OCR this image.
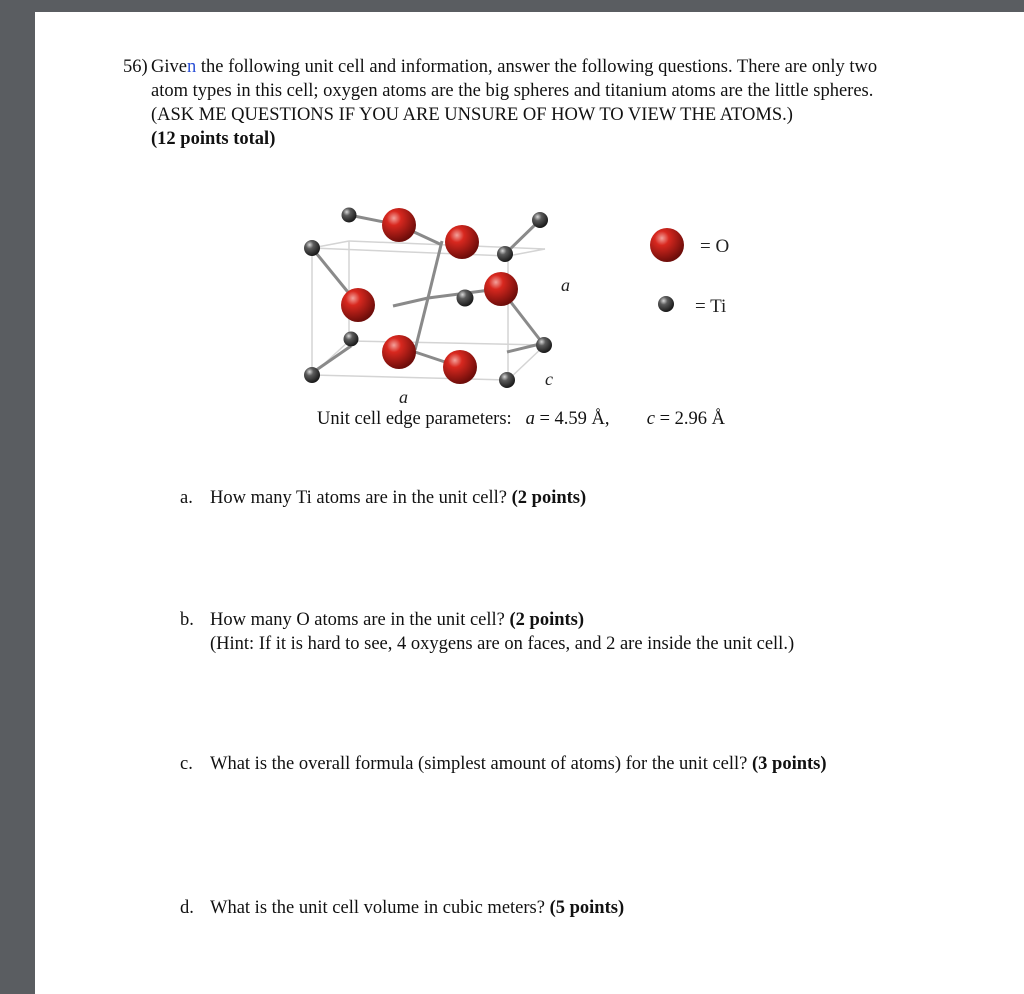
56) Given the following unit cell and information, answer the following questions. There are only two atom types in this cell; oxygen atoms are the big spheres and titanium atoms are the little spheres. (ASK ME QUESTIONS IF YOU ARE UNSURE OF HOW TO VIEW THE ATOMS.)
(12 points total)
a
c
a
= O
= Ti
Unit cell edge parameters: a = 4.59 Å, c = 2.96 Å
a. How many Ti atoms are in the unit cell? (2 points)
b. How many O atoms are in the unit cell? (2 points)
(Hint: If it is hard to see, 4 oxygens are on faces, and 2 are inside the unit cell.)
c. What is the overall formula (simplest amount of atoms) for the unit cell? (3 points)
d. What is the unit cell volume in cubic meters? (5 points)
